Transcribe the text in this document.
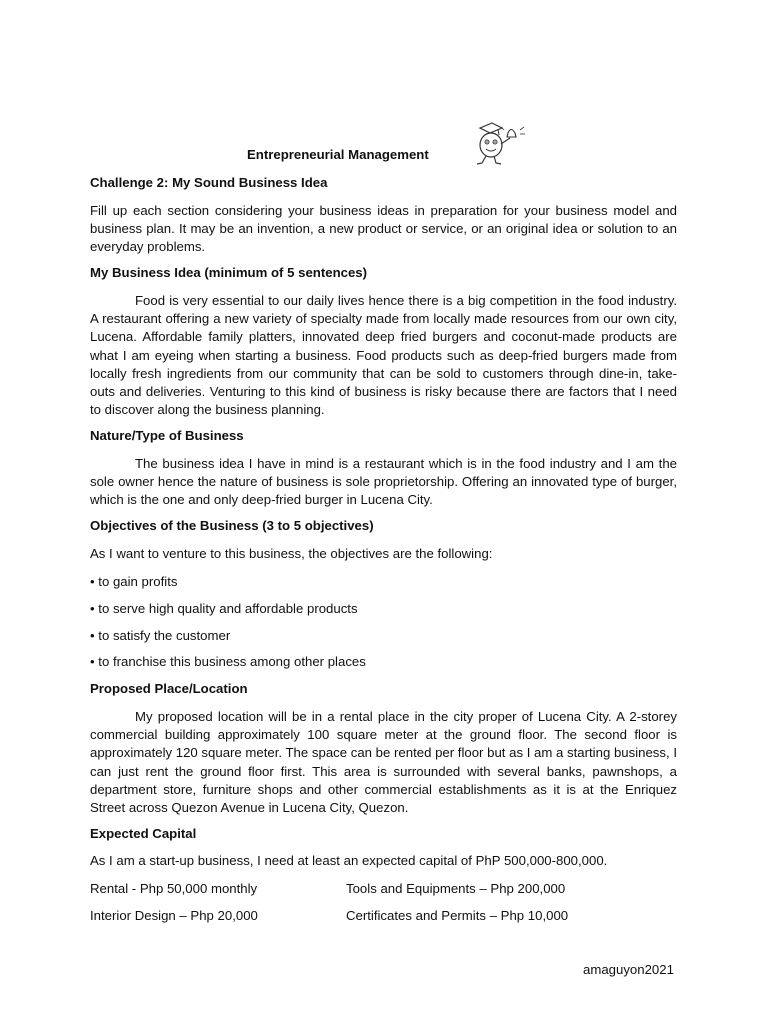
Entrepreneurial Management
Challenge 2: My Sound Business Idea

Fill up each section considering your business ideas in preparation for your business model and business plan. It may be an invention, a new product or service, or an original idea or solution to an everyday problems.

My Business Idea (minimum of 5 sentences)

Food is very essential to our daily lives hence there is a big competition in the food industry. A restaurant offering a new variety of specialty made from locally made resources from our own city, Lucena. Affordable family platters, innovated deep fried burgers and coconut-made products are what I am eyeing when starting a business. Food products such as deep-fried burgers made from locally fresh ingredients from our community that can be sold to customers through dine-in, take-outs and deliveries. Venturing to this kind of business is risky because there are factors that I need to discover along the business planning.

Nature/Type of Business

The business idea I have in mind is a restaurant which is in the food industry and I am the sole owner hence the nature of business is sole proprietorship. Offering an innovated type of burger, which is the one and only deep-fried burger in Lucena City.

Objectives of the Business (3 to 5 objectives)
As I want to venture to this business, the objectives are the following:
• to gain profits
• to serve high quality and affordable products
• to satisfy the customer
• to franchise this business among other places
Proposed Place/Location

My proposed location will be in a rental place in the city proper of Lucena City. A 2-storey commercial building approximately 100 square meter at the ground floor. The second floor is approximately 120 square meter. The space can be rented per floor but as I am a starting business, I can just rent the ground floor first. This area is surrounded with several banks, pawnshops, a department store, furniture shops and other commercial establishments as it is at the Enriquez Street across Quezon Avenue in Lucena City, Quezon.

Expected Capital
As I am a start-up business, I need at least an expected capital of PhP 500,000-800,000.
Rental - Php 50,000 monthly	Tools and Equipments – Php 200,000
Interior Design – Php 20,000	Certificates and Permits – Php 10,000
amaguyon2021
